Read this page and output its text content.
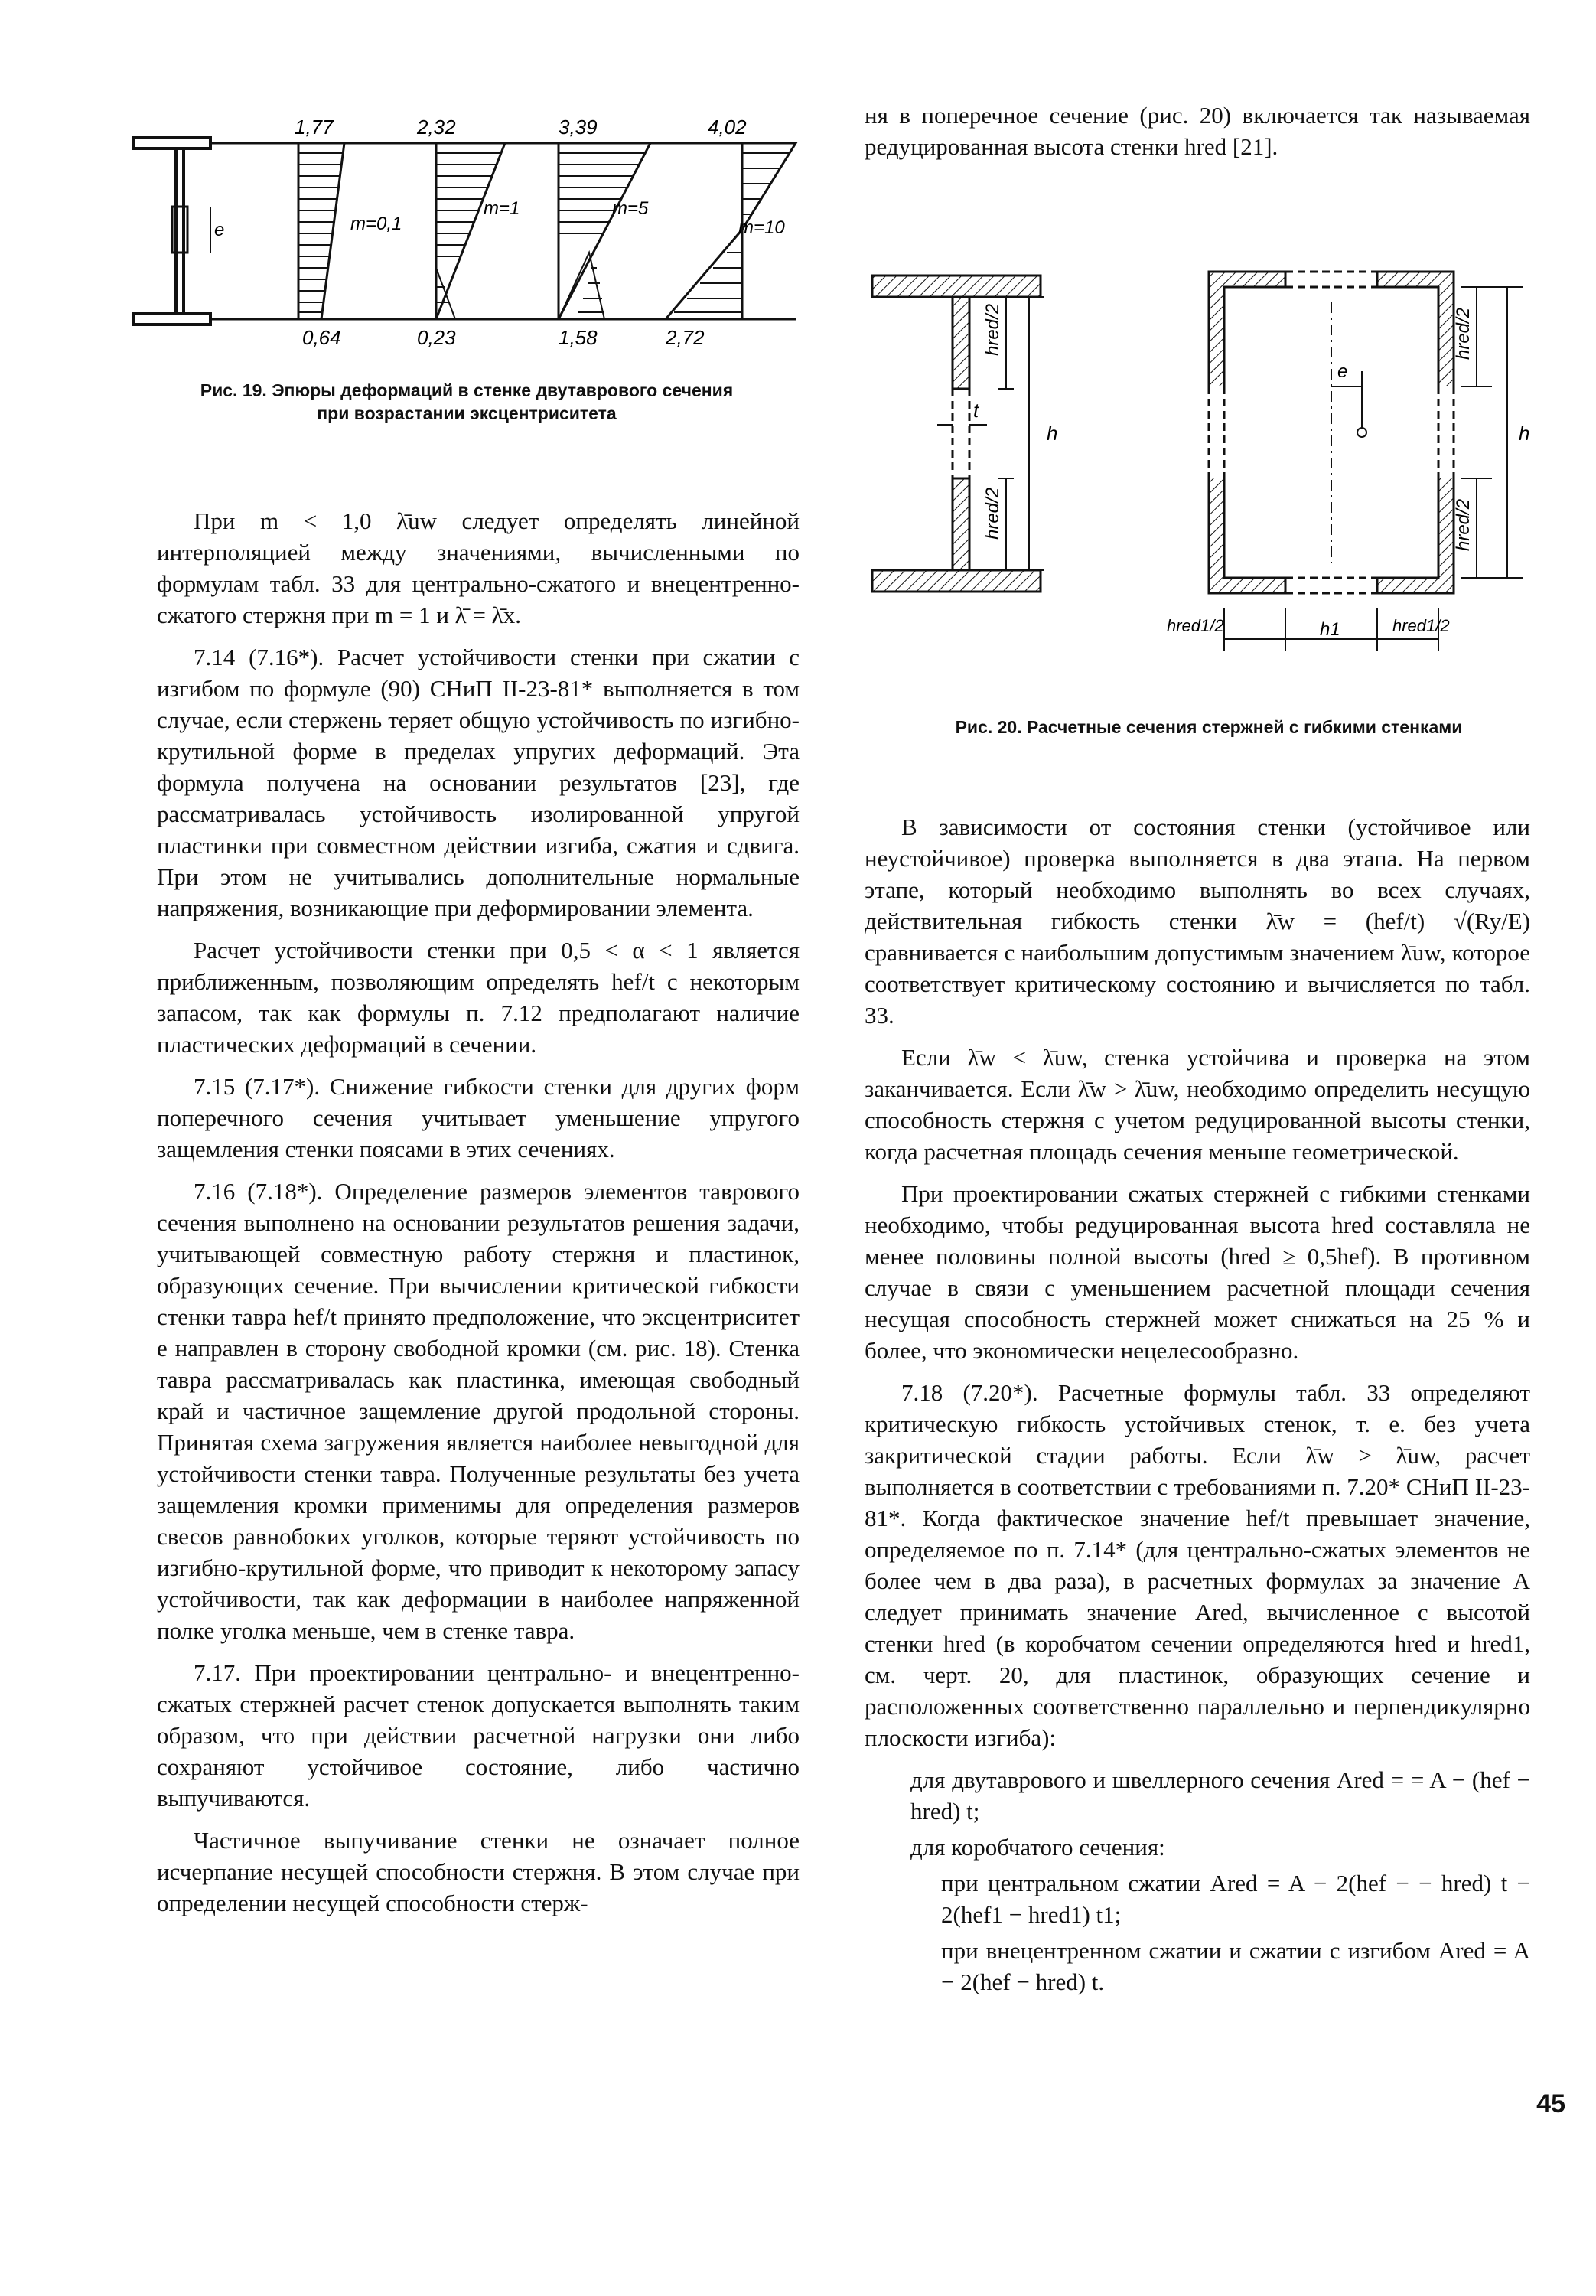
e
1,77	2,32	3,39	4,02
0,64	0,23	1,58	2,72
m=0,1
m=1	m=5
m=10
Рис. 19. Эпюры деформаций в стенке двутаврового сечения
при возрастании эксцентриситета	t
hred/2
hred/2
h
e
hred/2
hred/2
h
hred1/2	hred1/2
h1
Рис. 20. Расчетные сечения стержней с гибкими стенками

ня в поперечное сечение (рис. 20) включается так называемая редуцированная высота стенки hred [21].

При m < 1,0 λ̄uw следует определять линейной интерполяцией между значениями, вычисленными по формулам табл. 33 для центрально-сжатого и внецентренно-сжатого стержня при m = 1 и λ̄ = λ̄x.

7.14 (7.16*). Расчет устойчивости стенки при сжатии с изгибом по формуле (90) СНиП II-23-81* выполняется в том случае, если стержень теряет общую устойчивость по изгибно-крутильной форме в пределах упругих деформаций. Эта формула получена на основании результатов [23], где рассматривалась устойчивость изолированной упругой пластинки при совместном действии изгиба, сжатия и сдвига. При этом не учитывались дополнительные нормальные напряжения, возникающие при деформировании элемента.

Расчет устойчивости стенки при 0,5 < α < 1 является приближенным, позволяющим определять hef/t с некоторым запасом, так как формулы п. 7.12 предполагают наличие пластических деформаций в сечении.

7.15 (7.17*). Снижение гибкости стенки для других форм поперечного сечения учитывает уменьшение упругого защемления стенки поясами в этих сечениях.

7.16 (7.18*). Определение размеров элементов таврового сечения выполнено на основании результатов решения задачи, учитывающей совместную работу стержня и пластинок, образующих сечение. При вычислении критической гибкости стенки тавра hef/t принято предположение, что эксцентриситет e направлен в сторону свободной кромки (см. рис. 18). Стенка тавра рассматривалась как пластинка, имеющая свободный край и частичное защемление другой продольной стороны. Принятая схема загружения является наиболее невыгодной для устойчивости стенки тавра. Полученные результаты без учета защемления кромки применимы для определения размеров свесов равнобоких уголков, которые теряют устойчивость по изгибно-крутильной форме, что приводит к некоторому запасу устойчивости, так как деформации в наиболее напряженной полке уголка меньше, чем в стенке тавра.

7.17. При проектировании центрально- и внецентренно-сжатых стержней расчет стенок допускается выполнять таким образом, что при действии расчетной нагрузки они либо сохраняют устойчивое состояние, либо частично выпучиваются.

Частичное выпучивание стенки не означает полное исчерпание несущей способности стержня. В этом случае при определении несущей способности стерж-

В зависимости от состояния стенки (устойчивое или неустойчивое) проверка выполняется в два этапа. На первом этапе, который необходимо выполнять во всех случаях, действительная гибкость стенки λ̄w = (hef/t) √(Ry/E) сравнивается с наибольшим допустимым значением λ̄uw, которое соответствует критическому состоянию и вычисляется по табл. 33.

Если λ̄w < λ̄uw, стенка устойчива и проверка на этом заканчивается. Если λ̄w > λ̄uw, необходимо определить несущую способность стержня с учетом редуцированной высоты стенки, когда расчетная площадь сечения меньше геометрической.

При проектировании сжатых стержней с гибкими стенками необходимо, чтобы редуцированная высота hred составляла не менее половины полной высоты (hred ≥ 0,5hef). В противном случае в связи с уменьшением расчетной площади сечения несущая способность стержней может снижаться на 25 % и более, что экономически нецелесообразно.

7.18 (7.20*). Расчетные формулы табл. 33 определяют критическую гибкость устойчивых стенок, т. е. без учета закритической стадии работы. Если λ̄w > λ̄uw, расчет выполняется в соответствии с требованиями п. 7.20* СНиП II-23-81*. Когда фактическое значение hef/t превышает значение, определяемое по п. 7.14* (для центрально-сжатых элементов не более чем в два раза), в расчетных формулах за значение A следует принимать значение Ared, вычисленное с высотой стенки hred (в коробчатом сечении определяются hred и hred1, см. черт. 20, для пластинок, образующих сечение и расположенных соответственно параллельно и перпендикулярно плоскости изгиба):

для двутаврового и швеллерного сечения Ared = = A − (hef − hred) t;

для коробчатого сечения:

при центральном сжатии Ared = A − 2(hef − − hred) t − 2(hef1 − hred1) t1;

при внецентренном сжатии и сжатии с изгибом Ared = A − 2(hef − hred) t.

45
